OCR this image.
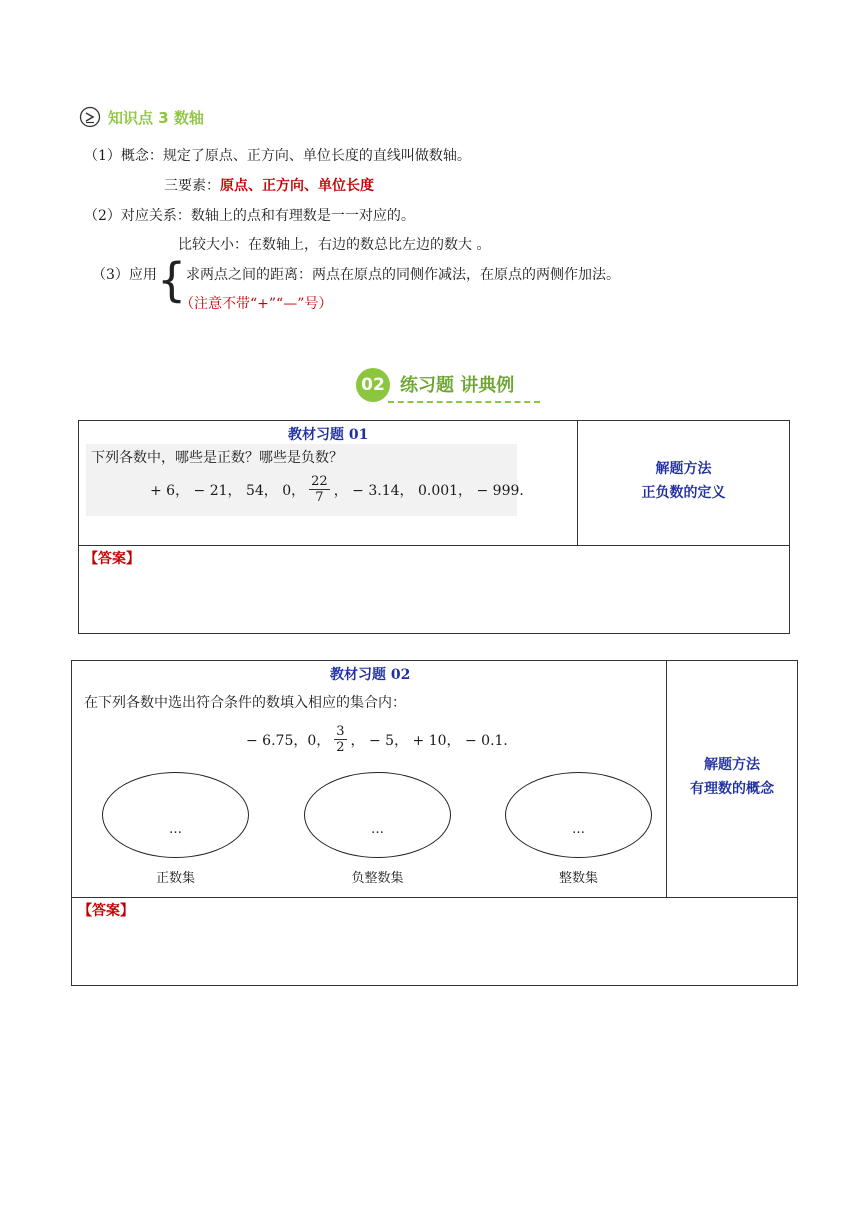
知识点 3 数轴
（1）概念：规定了原点、正方向、单位长度的直线叫做数轴。
三要素：原点、正方向、单位长度
（2）对应关系：数轴上的点和有理数是一一对应的。
比较大小：在数轴上，右边的数总比左边的数大 。
（3）应用 { 求两点之间的距离：两点在原点的同侧作减法，在原点的两侧作加法。
（注意不带“+”“—”号）
02 练习题 讲典例
教材习题 01
下列各数中，哪些是正数？哪些是负数？
+ 6， − 21， 54， 0， $\frac{22}{7}$ ， − 3.14， 0.001， − 999．
解题方法
正负数的定义
【答案】
教材习题 02
在下列各数中选出符合条件的数填入相应的集合内：
− 6.75，0， $\frac{3}{2}$ ， − 5， + 10， − 0.1．
…	…	…
正数集	负整数集	整数集
解题方法
有理数的概念
【答案】
